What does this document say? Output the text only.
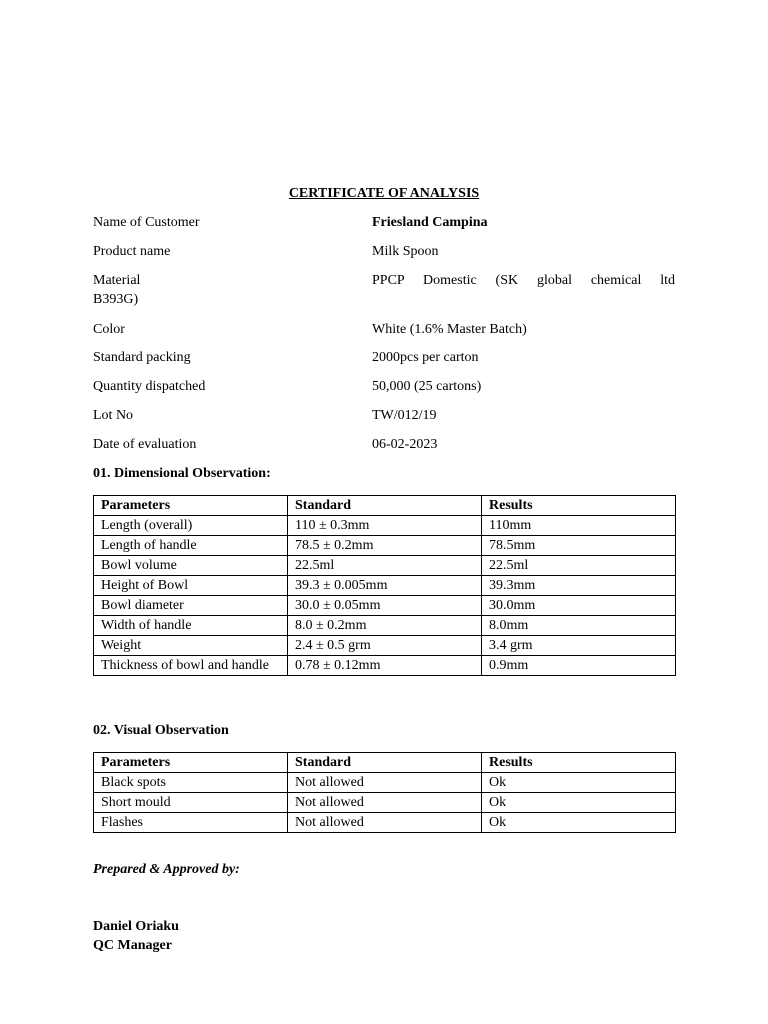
CERTIFICATE OF ANALYSIS
Name of Customer	Friesland Campina
Product name	Milk Spoon
Material	PPCP Domestic (SK global chemical ltd
B393G)
Color	White (1.6% Master Batch)
Standard packing	2000pcs per carton
Quantity dispatched	50,000 (25 cartons)
Lot No	TW/012/19
Date of evaluation	06-02-2023
01. Dimensional Observation:
Parameters	Standard	Results
Length (overall)	110 ± 0.3mm	110mm
Length of handle	78.5 ± 0.2mm	78.5mm
Bowl volume	22.5ml	22.5ml
Height of Bowl	39.3 ± 0.005mm	39.3mm
Bowl diameter	30.0 ± 0.05mm	30.0mm
Width of handle	8.0 ± 0.2mm	8.0mm
Weight	2.4 ± 0.5 grm	3.4 grm
Thickness of bowl and handle	0.78 ± 0.12mm	0.9mm
02. Visual Observation
Parameters	Standard	Results
Black spots	Not allowed	Ok
Short mould	Not allowed	Ok
Flashes	Not allowed	Ok
Prepared & Approved by:
Daniel Oriaku
QC Manager
